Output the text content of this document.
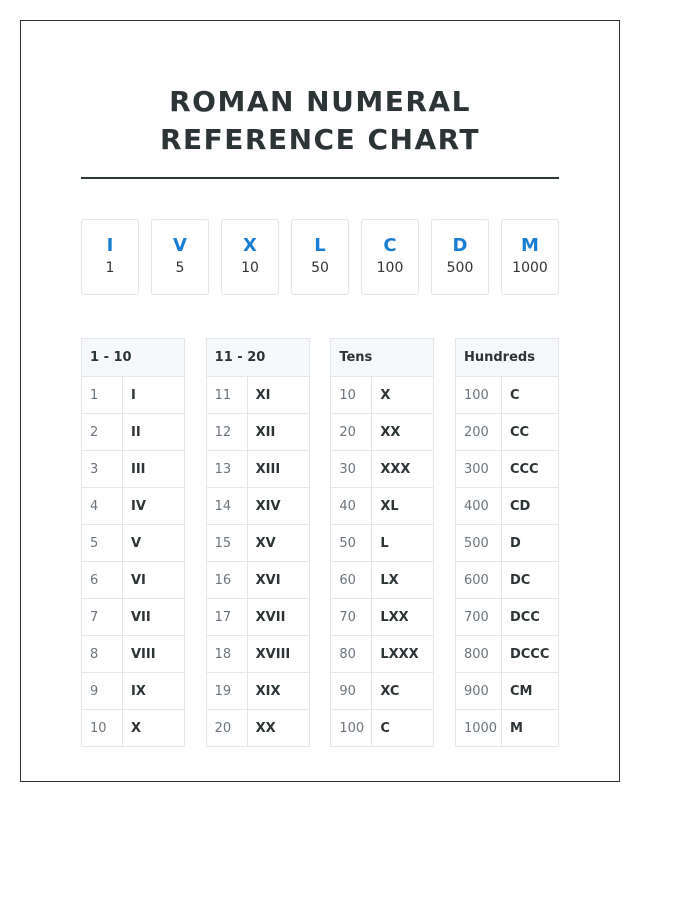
ROMAN NUMERAL REFERENCE CHART
I
1
V
5
X
10
L
50
C
100
D
500
M
1000
1 - 10	
1	I
2	II
3	III
4	IV
5	V
6	VI
7	VII
8	VIII
9	IX
10	X
11 - 20	
11	XI
12	XII
13	XIII
14	XIV
15	XV
16	XVI
17	XVII
18	XVIII
19	XIX
20	XX
Tens	
10	X
20	XX
30	XXX
40	XL
50	L
60	LX
70	LXX
80	LXXX
90	XC
100	C
Hundreds	
100	C
200	CC
300	CCC
400	CD
500	D
600	DC
700	DCC
800	DCCC
900	CM
1000	M
